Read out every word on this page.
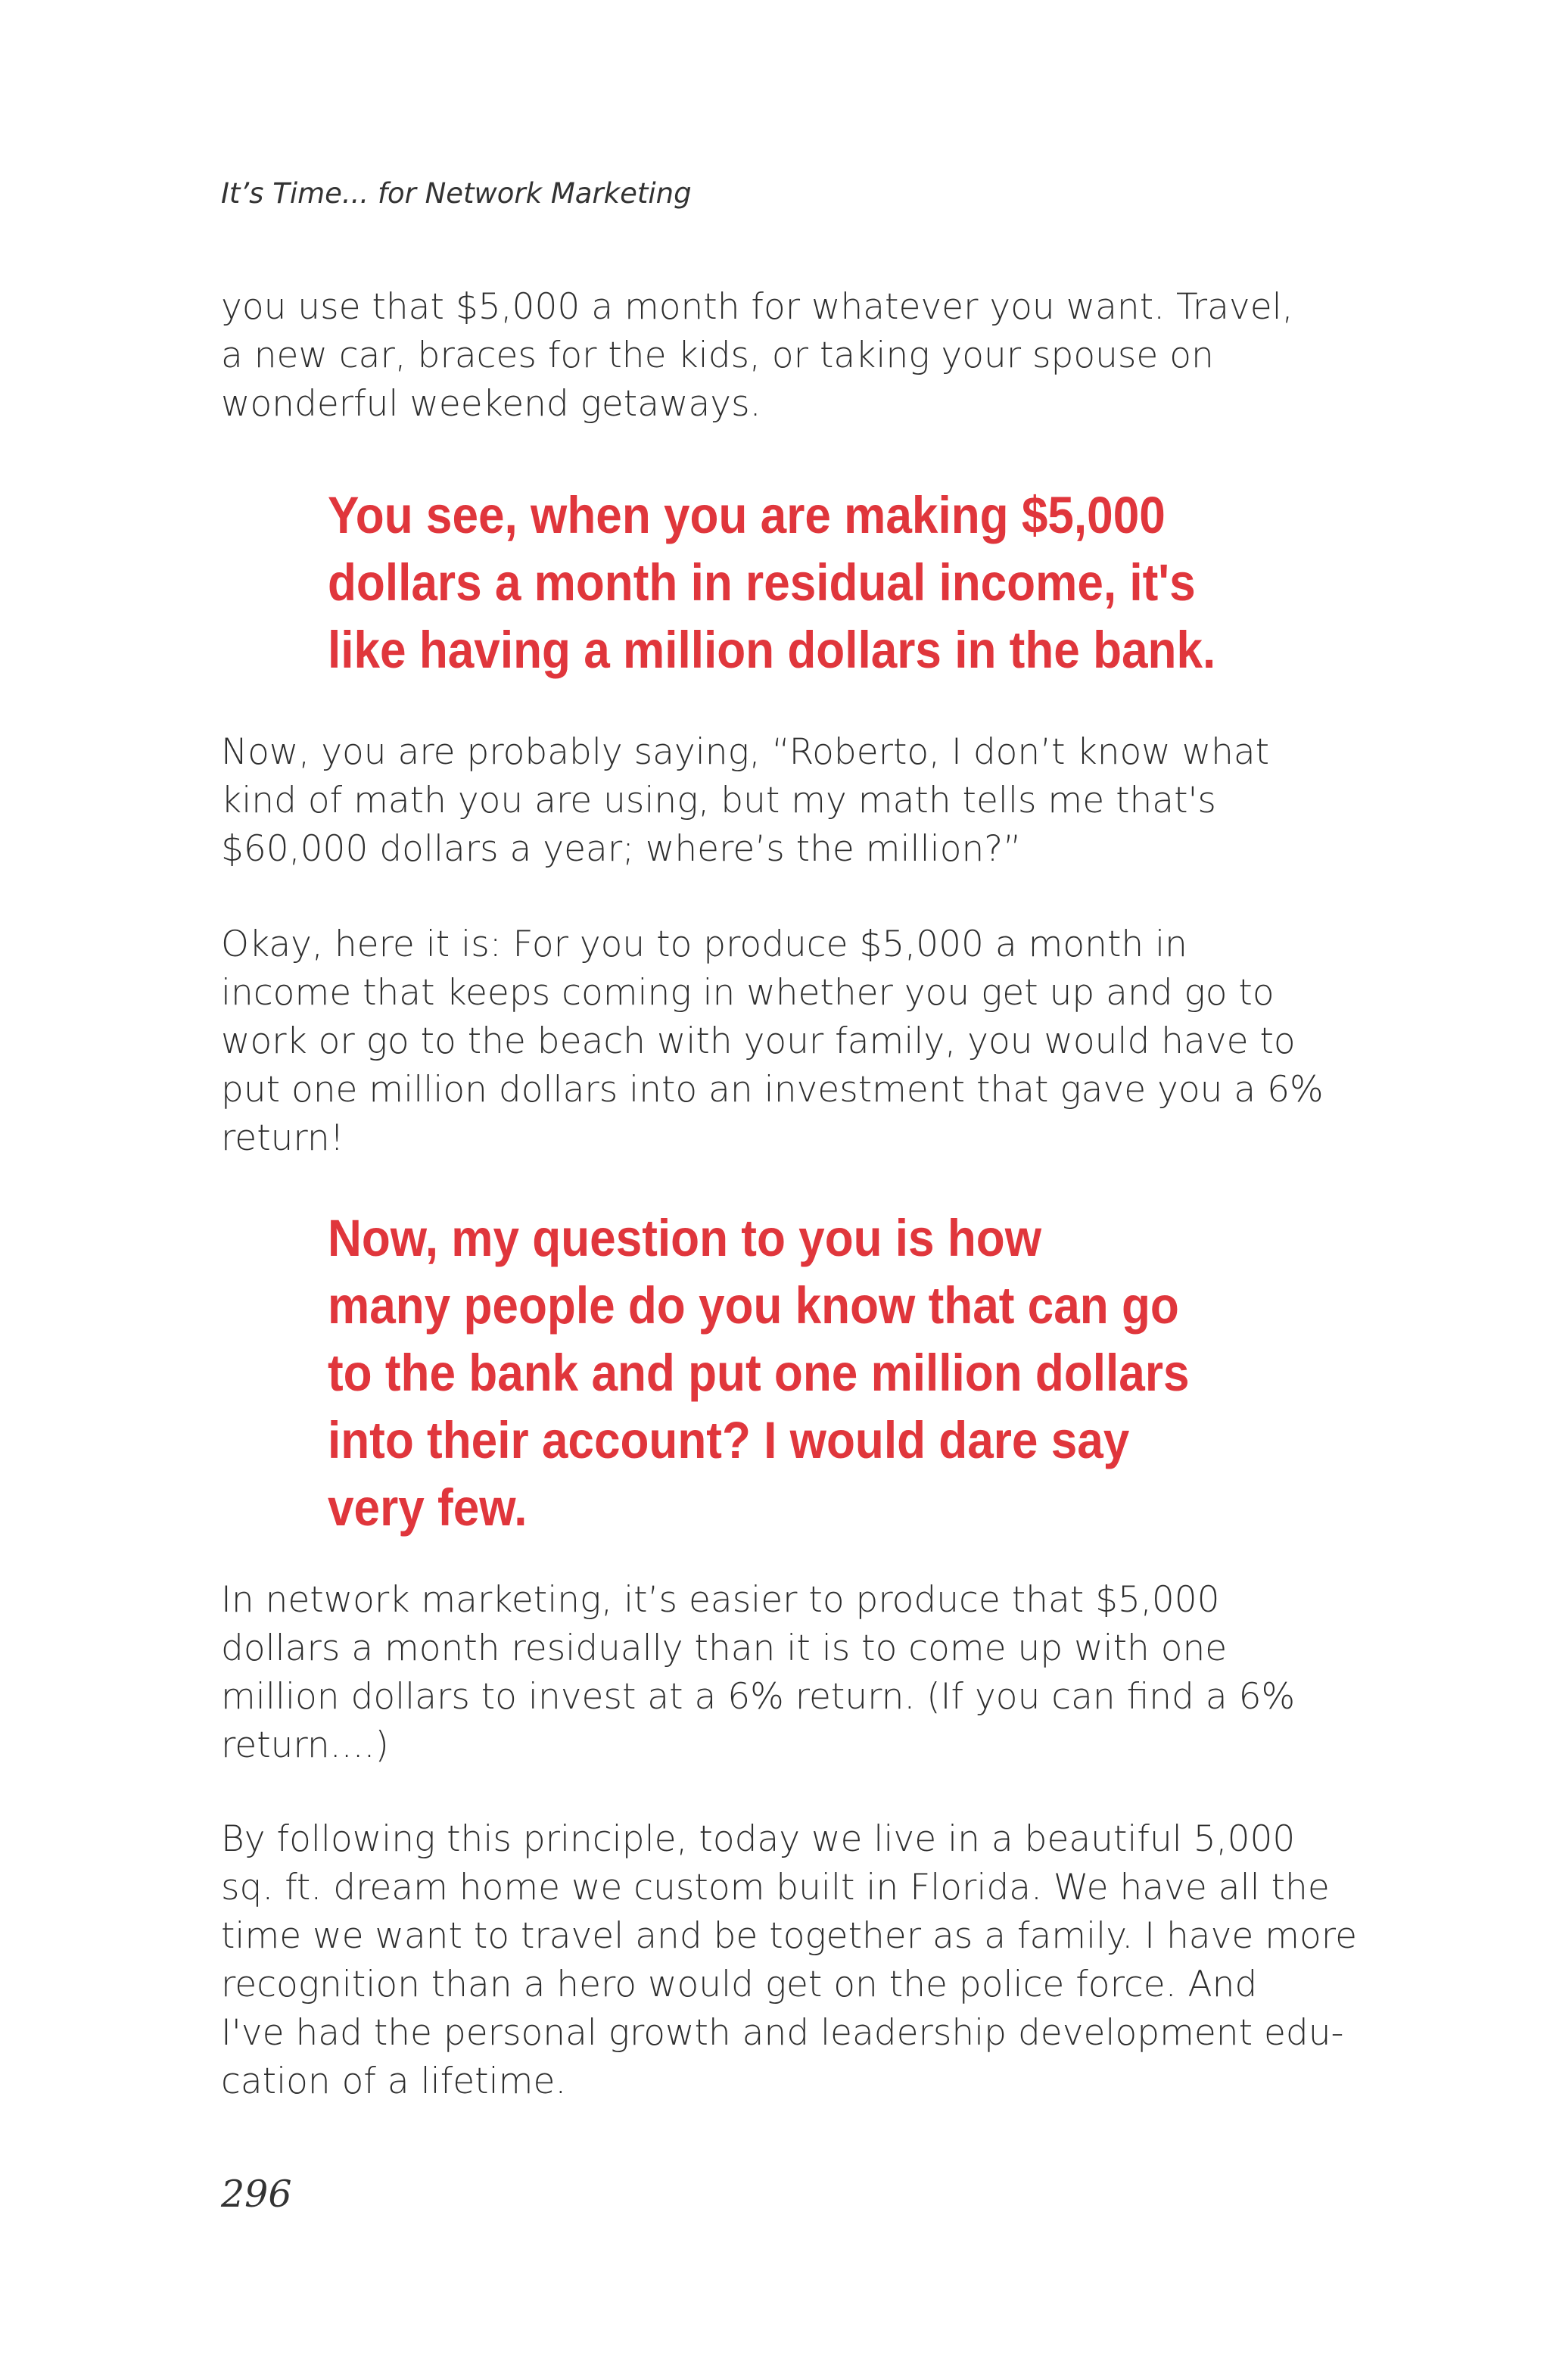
It’s Time... for Network Marketing
you use that $5,000 a month for whatever you want. Travel,
a new car, braces for the kids, or taking your spouse on
wonderful weekend getaways.
You see, when you are making $5,000
dollars a month in residual income, it's
like having a million dollars in the bank.
Now, you are probably saying, “Roberto, I don’t know what
kind of math you are using, but my math tells me that's
$60,000 dollars a year; where’s the million?”
Okay, here it is: For you to produce $5,000 a month in
income that keeps coming in whether you get up and go to
work or go to the beach with your family, you would have to
put one million dollars into an investment that gave you a 6%
return!
Now, my question to you is how
many people do you know that can go
to the bank and put one million dollars
into their account? I would dare say
very few.
In network marketing, it’s easier to produce that $5,000
dollars a month residually than it is to come up with one
million dollars to invest at a 6% return. (If you can find a 6%
return....)
By following this principle, today we live in a beautiful 5,000
sq. ft. dream home we custom built in Florida. We have all the
time we want to travel and be together as a family. I have more
recognition than a hero would get on the police force. And
I've had the personal growth and leadership development edu-
cation of a lifetime.
296
